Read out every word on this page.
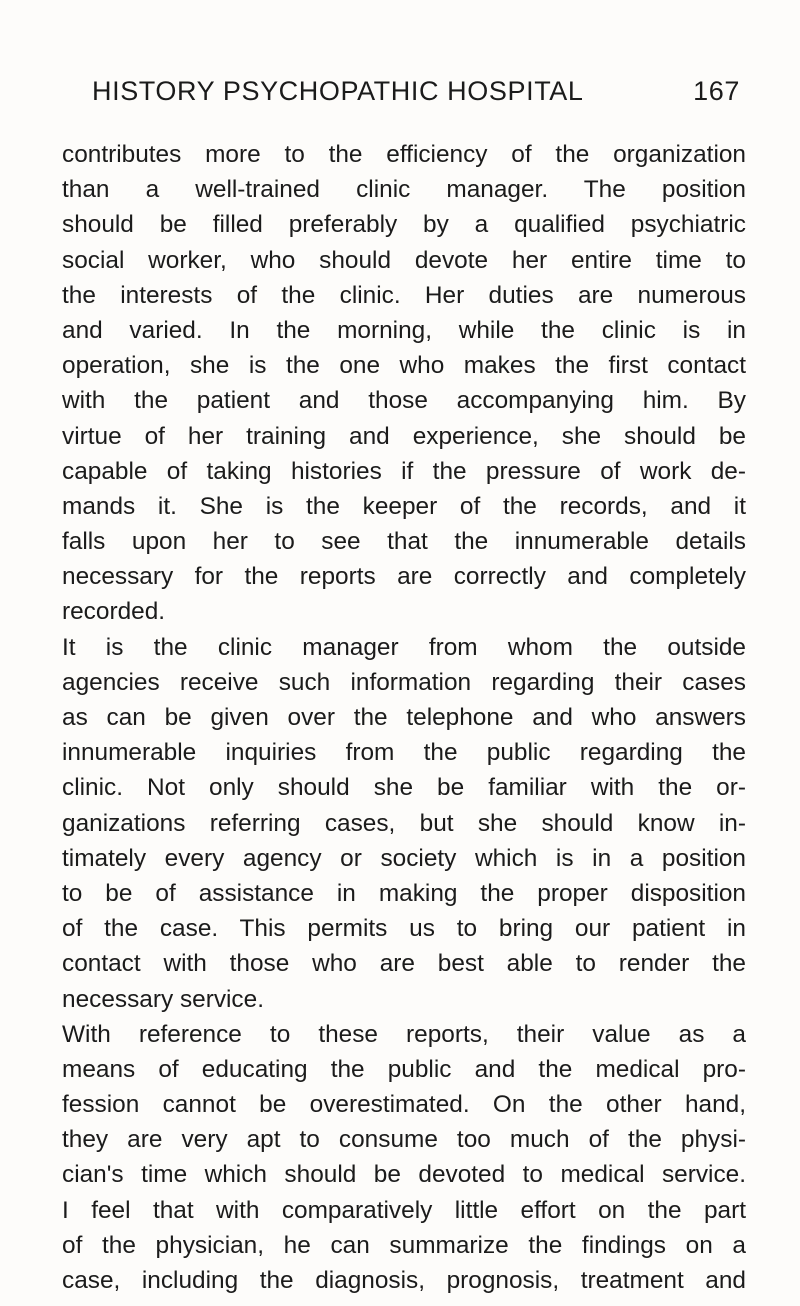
HISTORY PSYCHOPATHIC HOSPITAL	167
contributes more to the efficiency of the organization
than a well-trained clinic manager. The position
should be filled preferably by a qualified psychiatric
social worker, who should devote her entire time to
the interests of the clinic. Her duties are numerous
and varied. In the morning, while the clinic is in
operation, she is the one who makes the first contact
with the patient and those accompanying him. By
virtue of her training and experience, she should be
capable of taking histories if the pressure of work de-
mands it. She is the keeper of the records, and it
falls upon her to see that the innumerable details
necessary for the reports are correctly and completely
recorded.
It is the clinic manager from whom the outside
agencies receive such information regarding their cases
as can be given over the telephone and who answers
innumerable inquiries from the public regarding the
clinic. Not only should she be familiar with the or-
ganizations referring cases, but she should know in-
timately every agency or society which is in a position
to be of assistance in making the proper disposition
of the case. This permits us to bring our patient in
contact with those who are best able to render the
necessary service.
With reference to these reports, their value as a
means of educating the public and the medical pro-
fession cannot be overestimated. On the other hand,
they are very apt to consume too much of the physi-
cian's time which should be devoted to medical service.
I feel that with comparatively little effort on the part
of the physician, he can summarize the findings on a
case, including the diagnosis, prognosis, treatment and
